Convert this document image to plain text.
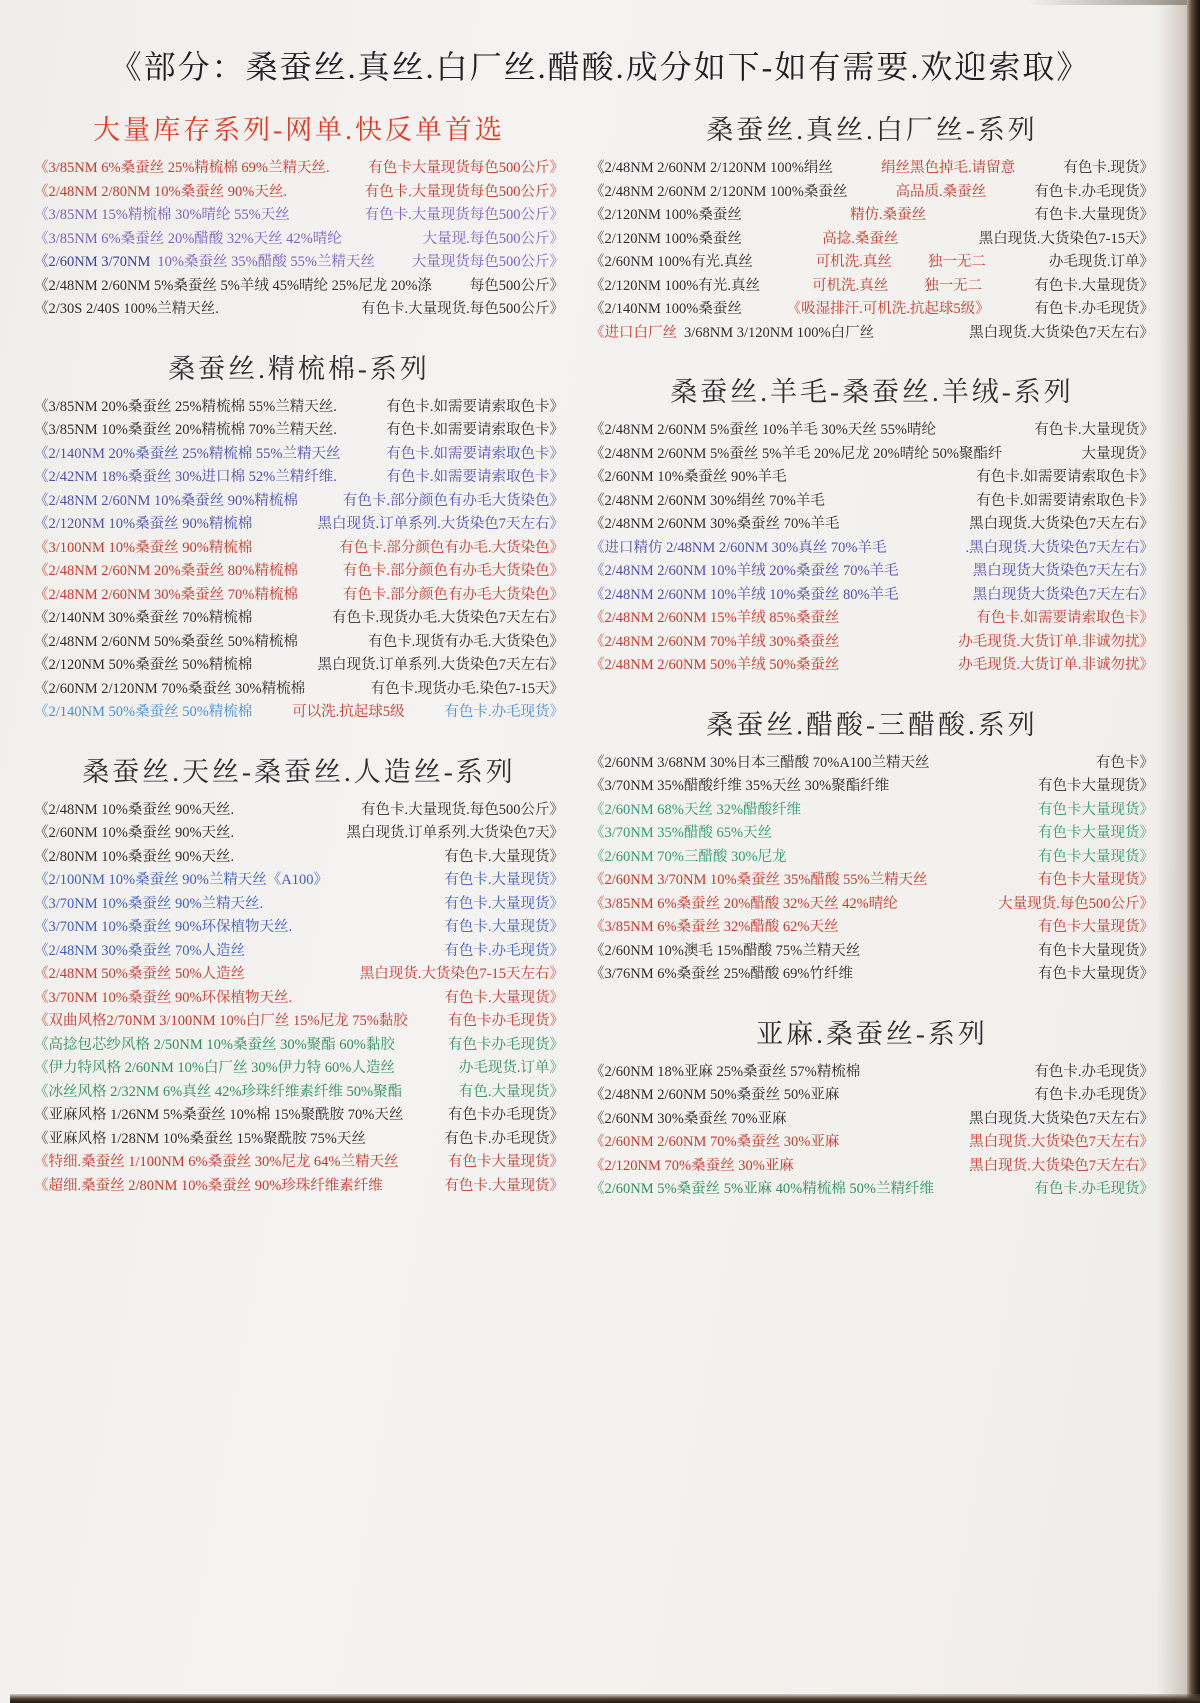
《部分：桑蚕丝.真丝.白厂丝.醋酸.成分如下-如有需要.欢迎索取》
大量库存系列-网单.快反单首选
《3/85NM 6%桑蚕丝 25%精梳棉 69%兰精天丝.	有色卡大量现货每色500公斤》
《2/48NM 2/80NM 10%桑蚕丝 90%天丝.	有色卡.大量现货每色500公斤》
《3/85NM 15%精梳棉 30%晴纶 55%天丝	有色卡.大量现货每色500公斤》
《3/85NM 6%桑蚕丝 20%醋酸 32%天丝 42%晴纶	大量现.每色500公斤》
《2/60NM 3/70NM 10%桑蚕丝 35%醋酸 55%兰精天丝	大量现货每色500公斤》
《2/48NM 2/60NM 5%桑蚕丝 5%羊绒 45%晴纶 25%尼龙 20%涤	每色500公斤》
《2/30S 2/40S 100%兰精天丝.	有色卡.大量现货.每色500公斤》
桑蚕丝.精梳棉-系列
《3/85NM 20%桑蚕丝 25%精梳棉 55%兰精天丝.	有色卡.如需要请索取色卡》
《3/85NM 10%桑蚕丝 20%精梳棉 70%兰精天丝.	有色卡.如需要请索取色卡》
《2/140NM 20%桑蚕丝 25%精梳棉 55%兰精天丝	有色卡.如需要请索取色卡》
《2/42NM 18%桑蚕丝 30%进口棉 52%兰精纤维.	有色卡.如需要请索取色卡》
《2/48NM 2/60NM 10%桑蚕丝 90%精梳棉	有色卡.部分颜色有办毛大货染色》
《2/120NM 10%桑蚕丝 90%精梳棉	黑白现货.订单系列.大货染色7天左右》
《3/100NM 10%桑蚕丝 90%精梳棉	有色卡.部分颜色有办毛.大货染色》
《2/48NM 2/60NM 20%桑蚕丝 80%精梳棉	有色卡.部分颜色有办毛大货染色》
《2/48NM 2/60NM 30%桑蚕丝 70%精梳棉	有色卡.部分颜色有办毛大货染色》
《2/140NM 30%桑蚕丝 70%精梳棉	有色卡.现货办毛.大货染色7天左右》
《2/48NM 2/60NM 50%桑蚕丝 50%精梳棉	有色卡.现货有办毛.大货染色》
《2/120NM 50%桑蚕丝 50%精梳棉	黑白现货.订单系列.大货染色7天左右》
《2/60NM 2/120NM 70%桑蚕丝 30%精梳棉	有色卡.现货办毛.染色7-15天》
《2/140NM 50%桑蚕丝 50%精梳棉	可以洗.抗起球5级	有色卡.办毛现货》
桑蚕丝.天丝-桑蚕丝.人造丝-系列
《2/48NM 10%桑蚕丝 90%天丝.	有色卡.大量现货.每色500公斤》
《2/60NM 10%桑蚕丝 90%天丝.	黑白现货.订单系列.大货染色7天》
《2/80NM 10%桑蚕丝 90%天丝.	有色卡.大量现货》
《2/100NM 10%桑蚕丝 90%兰精天丝《A100》	有色卡.大量现货》
《3/70NM 10%桑蚕丝 90%兰精天丝.	有色卡.大量现货》
《3/70NM 10%桑蚕丝 90%环保植物天丝.	有色卡.大量现货》
《2/48NM 30%桑蚕丝 70%人造丝	有色卡.办毛现货》
《2/48NM 50%桑蚕丝 50%人造丝	黑白现货.大货染色7-15天左右》
《3/70NM 10%桑蚕丝 90%环保植物天丝.	有色卡.大量现货》
《双曲风格2/70NM 3/100NM 10%白厂丝 15%尼龙 75%黏胶	有色卡办毛现货》
《高捻包芯纱风格 2/50NM 10%桑蚕丝 30%聚酯 60%黏胶	有色卡办毛现货》
《伊力特风格 2/60NM 10%白厂丝 30%伊力特 60%人造丝	办毛现货.订单》
《冰丝风格 2/32NM 6%真丝 42%珍珠纤维素纤维 50%聚酯	有色.大量现货》
《亚麻风格 1/26NM 5%桑蚕丝 10%棉 15%聚酰胺 70%天丝	有色卡办毛现货》
《亚麻风格 1/28NM 10%桑蚕丝 15%聚酰胺 75%天丝	有色卡.办毛现货》
《特细.桑蚕丝 1/100NM 6%桑蚕丝 30%尼龙 64%兰精天丝	有色卡大量现货》
《超细.桑蚕丝 2/80NM 10%桑蚕丝 90%珍珠纤维素纤维	有色卡.大量现货》
桑蚕丝.真丝.白厂丝-系列
《2/48NM 2/60NM 2/120NM 100%绢丝	绢丝黑色掉毛.请留意	有色卡.现货》
《2/48NM 2/60NM 2/120NM 100%桑蚕丝	高品质.桑蚕丝	有色卡.办毛现货》
《2/120NM 100%桑蚕丝	精仿.桑蚕丝	有色卡.大量现货》
《2/120NM 100%桑蚕丝	高捻.桑蚕丝	黑白现货.大货染色7-15天》
《2/60NM 100%有光.真丝	可机洗.真丝 独一无二	办毛现货.订单》
《2/120NM 100%有光.真丝	可机洗.真丝 独一无二	有色卡.大量现货》
《2/140NM 100%桑蚕丝	《吸湿排汗.可机洗.抗起球5级》	有色卡.办毛现货》
《进口白厂丝 3/68NM 3/120NM 100%白厂丝	黑白现货.大货染色7天左右》
桑蚕丝.羊毛-桑蚕丝.羊绒-系列
《2/48NM 2/60NM 5%蚕丝 10%羊毛 30%天丝 55%晴纶	有色卡.大量现货》
《2/48NM 2/60NM 5%蚕丝 5%羊毛 20%尼龙 20%晴纶 50%聚酯纤	大量现货》
《2/60NM 10%桑蚕丝 90%羊毛	有色卡.如需要请索取色卡》
《2/48NM 2/60NM 30%绢丝 70%羊毛	有色卡.如需要请索取色卡》
《2/48NM 2/60NM 30%桑蚕丝 70%羊毛	黑白现货.大货染色7天左右》
《进口精仿 2/48NM 2/60NM 30%真丝 70%羊毛	.黑白现货.大货染色7天左右》
《2/48NM 2/60NM 10%羊绒 20%桑蚕丝 70%羊毛	黑白现货大货染色7天左右》
《2/48NM 2/60NM 10%羊绒 10%桑蚕丝 80%羊毛	黑白现货大货染色7天左右》
《2/48NM 2/60NM 15%羊绒 85%桑蚕丝	有色卡.如需要请索取色卡》
《2/48NM 2/60NM 70%羊绒 30%桑蚕丝	办毛现货.大货订单.非诚勿扰》
《2/48NM 2/60NM 50%羊绒 50%桑蚕丝	办毛现货.大货订单.非诚勿扰》
桑蚕丝.醋酸-三醋酸.系列
《2/60NM 3/68NM 30%日本三醋酸 70%A100兰精天丝	有色卡》
《3/70NM 35%醋酸纤维 35%天丝 30%聚酯纤维	有色卡大量现货》
《2/60NM 68%天丝 32%醋酸纤维	有色卡大量现货》
《3/70NM 35%醋酸 65%天丝	有色卡大量现货》
《2/60NM 70%三醋酸 30%尼龙	有色卡大量现货》
《2/60NM 3/70NM 10%桑蚕丝 35%醋酸 55%兰精天丝	有色卡大量现货》
《3/85NM 6%桑蚕丝 20%醋酸 32%天丝 42%晴纶	大量现货.每色500公斤》
《3/85NM 6%桑蚕丝 32%醋酸 62%天丝	有色卡大量现货》
《2/60NM 10%澳毛 15%醋酸 75%兰精天丝	有色卡大量现货》
《3/76NM 6%桑蚕丝 25%醋酸 69%竹纤维	有色卡大量现货》
亚麻.桑蚕丝-系列
《2/60NM 18%亚麻 25%桑蚕丝 57%精梳棉	有色卡.办毛现货》
《2/48NM 2/60NM 50%桑蚕丝 50%亚麻	有色卡.办毛现货》
《2/60NM 30%桑蚕丝 70%亚麻	黑白现货.大货染色7天左右》
《2/60NM 2/60NM 70%桑蚕丝 30%亚麻	黑白现货.大货染色7天左右》
《2/120NM 70%桑蚕丝 30%亚麻	黑白现货.大货染色7天左右》
《2/60NM 5%桑蚕丝 5%亚麻 40%精梳棉 50%兰精纤维	有色卡.办毛现货》
